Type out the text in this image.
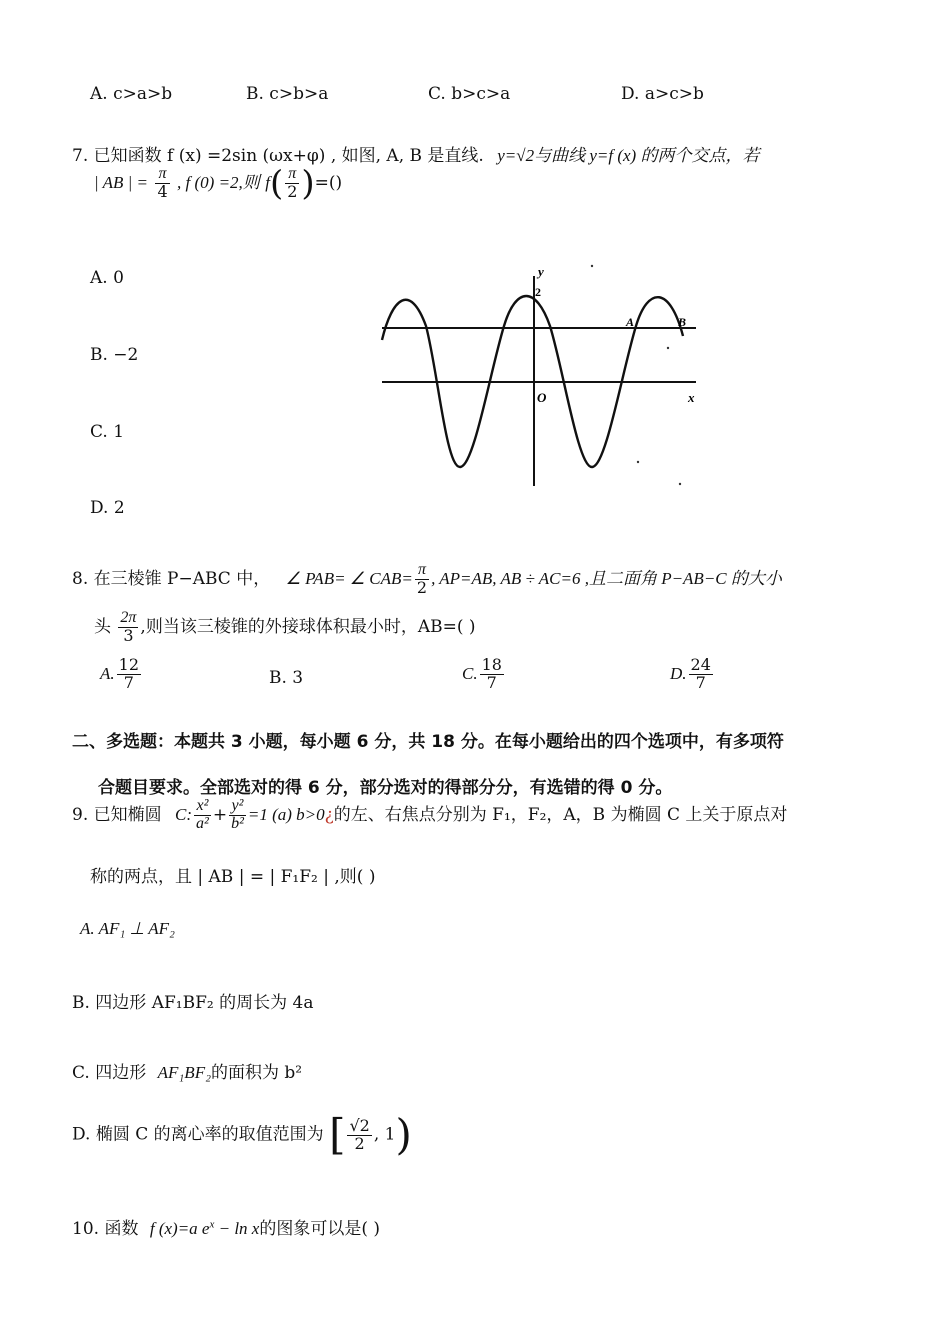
A. c>a>b	B. c>b>a	C. b>c>a	D. a>c>b
7. 已知函数 f (x) =2sin (ωx+φ) , 如图, A, B 是直线. y=√2与曲线 y=f (x) 的两个交点，若
| AB | = $\frac{\pi}{4}$ , f (0) =2,则 $f( \frac{\pi}{2}$ )=()
A. 0
B. −2
C. 1
D. 2
y
2
O	x
A	B
8. 在三棱锥 P−ABC 中， ∠ PAB= ∠ $CAB= \frac{\pi}{2}$ , AP=AB, AB ÷ AC=6 ,且二面角 P−AB−C 的大小
头 $\frac{2\pi}{3}$ ,则当该三棱锥的外接球体积最小时，AB=( )
A. $\frac{12}{7}$	B. 3	C. $\frac{18}{7}$	D. $\frac{24}{7}$
二、多选题：本题共 3 小题，每小题 6 分，共 18 分。在每小题给出的四个选项中，有多项符
合题目要求。全部选对的得 6 分，部分选对的得部分分，有选错的得 0 分。
9. 已知椭圆 C: $\frac{\text{x²}}{\text{a²}} + \frac{\text{y²}}{\text{b²}} =1$ (a) b>0¿的左、右焦点分别为 F₁，F₂，A，B 为椭圆 C 上关于原点对
称的两点，且 | AB | = | F₁F₂ | ,则( )
A. AF₁ ⊥ AF₂
B. 四边形 AF₁BF₂ 的周长为 4a
C. 四边形 AF₁BF₂的面积为 b²
D. 椭圆 C 的离心率的取值范围为 [ $\frac{√2}{2}$ , 1)
10. 函数 f (x)=a $e^x - \ln x$的图象可以是( )
